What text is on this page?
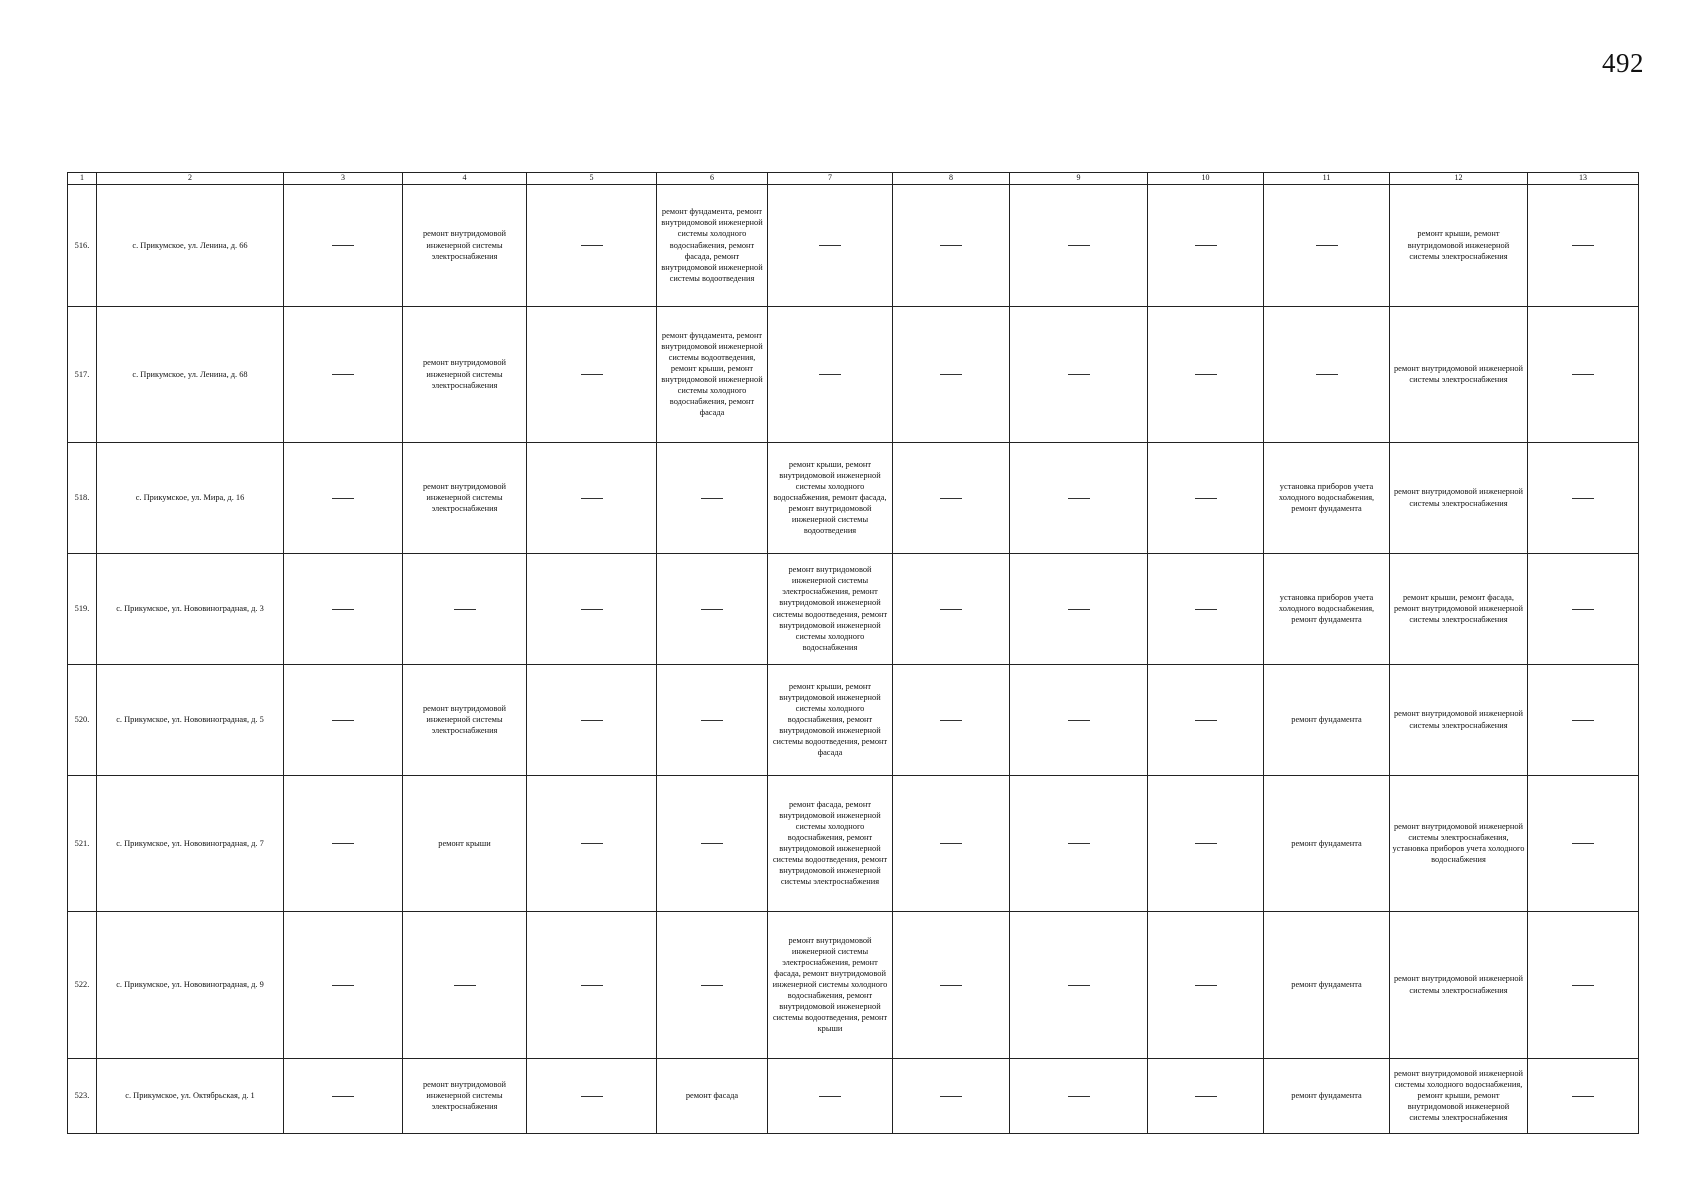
492
1	2	3	4	5	6	7	8	9	10	11	12	13
516.	с. Прикумское, ул. Ленина, д. 66		ремонт внутридомовой инженерной системы электроснабжения		ремонт фундамента, ремонт внутридомовой инженерной системы холодного водоснабжения, ремонт фасада, ремонт внутридомовой инженерной системы водоотведения						ремонт крыши, ремонт внутридомовой инженерной системы электроснабжения	
517.	с. Прикумское, ул. Ленина, д. 68		ремонт внутридомовой инженерной системы электроснабжения		ремонт фундамента, ремонт внутридомовой инженерной системы водоотведения, ремонт крыши, ремонт внутридомовой инженерной системы холодного водоснабжения, ремонт фасада						ремонт внутридомовой инженерной системы электроснабжения	
518.	с. Прикумское, ул. Мира, д. 16		ремонт внутридомовой инженерной системы электроснабжения			ремонт крыши, ремонт внутридомовой инженерной системы холодного водоснабжения, ремонт фасада, ремонт внутридомовой инженерной системы водоотведения				установка приборов учета холодного водоснабжения, ремонт фундамента	ремонт внутридомовой инженерной системы электроснабжения	
519.	с. Прикумское, ул. Нововиноградная, д. 3					ремонт внутридомовой инженерной системы электроснабжения, ремонт внутридомовой инженерной системы водоотведения, ремонт внутридомовой инженерной системы холодного водоснабжения				установка приборов учета холодного водоснабжения, ремонт фундамента	ремонт крыши, ремонт фасада, ремонт внутридомовой инженерной системы электроснабжения	
520.	с. Прикумское, ул. Нововиноградная, д. 5		ремонт внутридомовой инженерной системы электроснабжения			ремонт крыши, ремонт внутридомовой инженерной системы холодного водоснабжения, ремонт внутридомовой инженерной системы водоотведения, ремонт фасада				ремонт фундамента	ремонт внутридомовой инженерной системы электроснабжения	
521.	с. Прикумское, ул. Нововиноградная, д. 7		ремонт крыши			ремонт фасада, ремонт внутридомовой инженерной системы холодного водоснабжения, ремонт внутридомовой инженерной системы водоотведения, ремонт внутридомовой инженерной системы электроснабжения				ремонт фундамента	ремонт внутридомовой инженерной системы электроснабжения, установка приборов учета холодного водоснабжения	
522.	с. Прикумское, ул. Нововиноградная, д. 9					ремонт внутридомовой инженерной системы электроснабжения, ремонт фасада, ремонт внутридомовой инженерной системы холодного водоснабжения, ремонт внутридомовой инженерной системы водоотведения, ремонт крыши				ремонт фундамента	ремонт внутридомовой инженерной системы электроснабжения	
523.	с. Прикумское, ул. Октябрьская, д. 1		ремонт внутридомовой инженерной системы электроснабжения		ремонт фасада					ремонт фундамента	ремонт внутридомовой инженерной системы холодного водоснабжения, ремонт крыши, ремонт внутридомовой инженерной системы электроснабжения	
